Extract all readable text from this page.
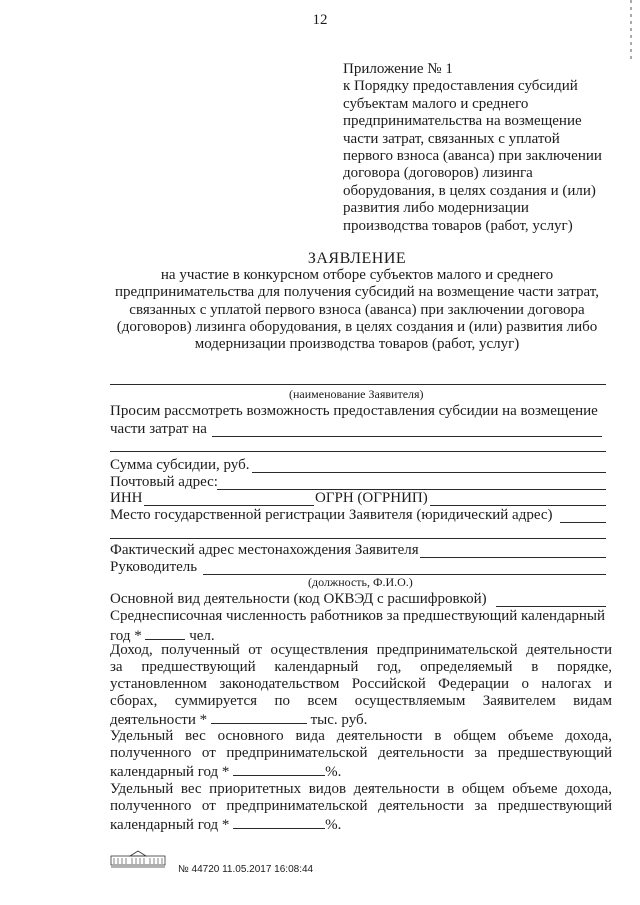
12
Приложение № 1
к Порядку предоставления субсидий
субъектам малого и среднего
предпринимательства на возмещение
части затрат, связанных с уплатой
первого взноса (аванса) при заключении
договора (договоров) лизинга
оборудования, в целях создания и (или)
развития либо модернизации
производства товаров (работ, услуг)
ЗАЯВЛЕНИЕ
на участие в конкурсном отборе субъектов малого и среднего
предпринимательства для получения субсидий на возмещение части затрат,
связанных с уплатой первого взноса (аванса) при заключении договора
(договоров) лизинга оборудования, в целях создания и (или) развития либо
модернизации производства товаров (работ, услуг)
(наименование Заявителя)
Просим рассмотреть возможность предоставления субсидии на возмещение
части затрат на
Сумма субсидии, руб.
Почтовый адрес:
ИНН	ОГРН (ОГРНИП)
Место государственной регистрации Заявителя (юридический адрес)
Фактический адрес местонахождения Заявителя
Руководитель
(должность, Ф.И.О.)
Основной вид деятельности (код ОКВЭД с расшифровкой)
Среднесписочная численность работников за предшествующий календарный
год *	чел.
Доход, полученный от осуществления предпринимательской деятельности
за предшествующий календарный год, определяемый в порядке,
установленном законодательством Российской Федерации о налогах и
сборах, суммируется по всем осуществляемым Заявителем видам
деятельности *	тыс. руб.
Удельный вес основного вида деятельности в общем объеме дохода,
полученного от предпринимательской деятельности за предшествующий
календарный год *	%.
Удельный вес приоритетных видов деятельности в общем объеме дохода,
полученного от предпринимательской деятельности за предшествующий
календарный год *	%.
№ 44720 11.05.2017 16:08:44
